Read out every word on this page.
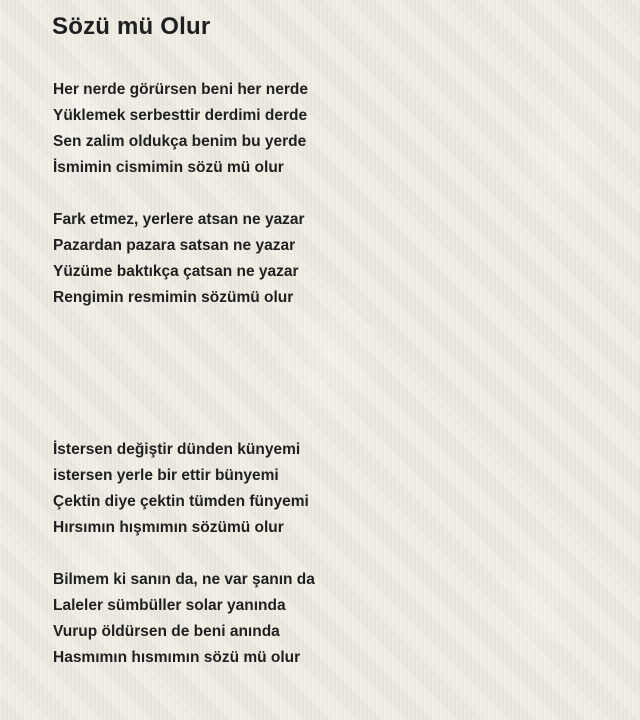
Sözü mü Olur
Her nerde görürsen beni her nerde
Yüklemek serbesttir derdimi derde
Sen zalim oldukça benim bu yerde
İsmimin cismimin sözü mü olur
Fark etmez, yerlere atsan ne yazar
Pazardan pazara satsan ne yazar
Yüzüme baktıkça çatsan ne yazar
Rengimin resmimin sözümü olur
İstersen değiştir dünden künyemi
istersen yerle bir ettir bünyemi
Çektin diye çektin tümden fünyemi
Hırsımın hışmımın sözümü olur
Bilmem ki sanın da, ne var şanın da
Laleler sümbüller solar yanında
Vurup öldürsen de beni anında
Hasmımın hısmımın sözü mü olur
